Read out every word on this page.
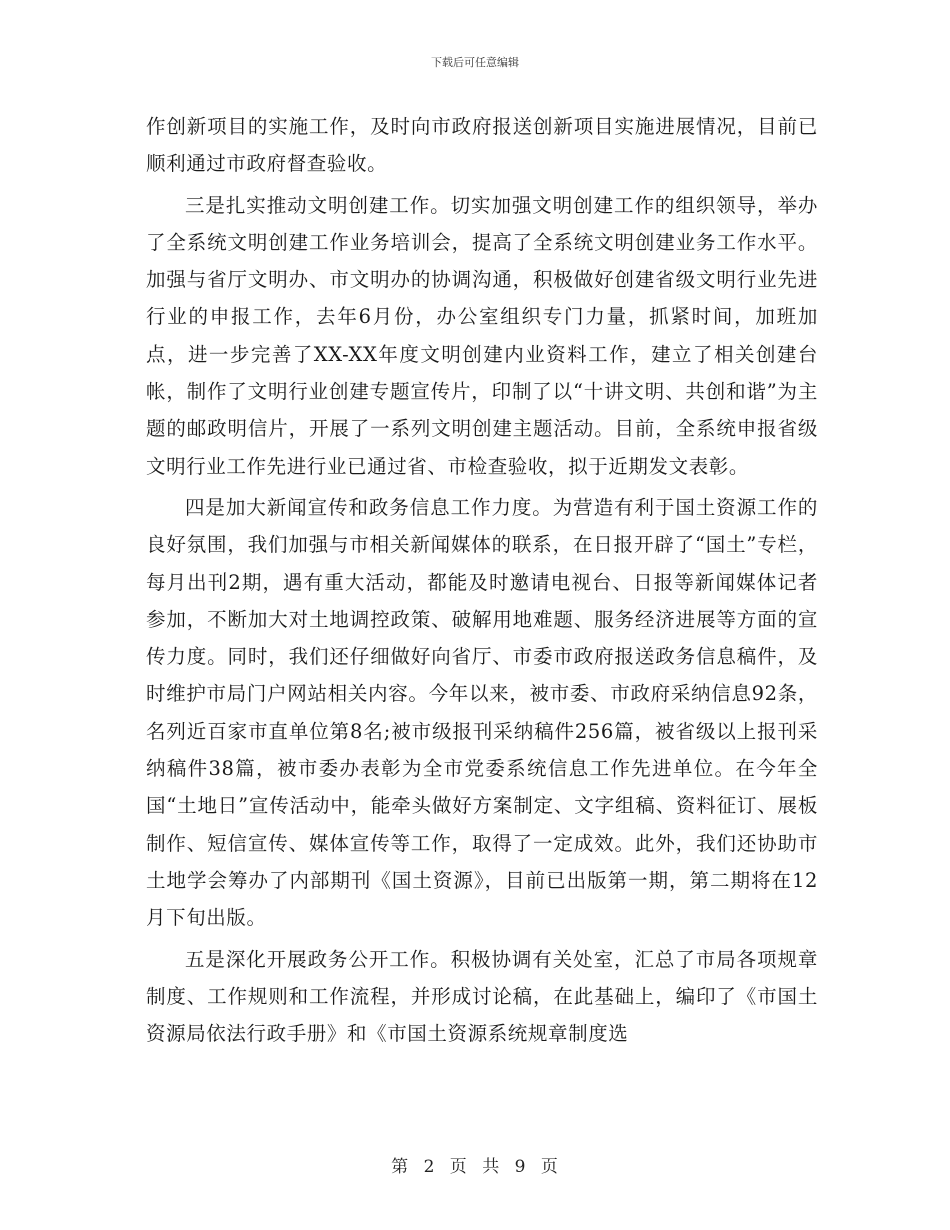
下载后可任意编辑

作创新项目的实施工作，及时向市政府报送创新项目实施进展情况，目前已顺利通过市政府督查验收。

三是扎实推动文明创建工作。切实加强文明创建工作的组织领导，举办了全系统文明创建工作业务培训会，提高了全系统文明创建业务工作水平。加强与省厅文明办、市文明办的协调沟通，积极做好创建省级文明行业先进行业的申报工作，去年6月份，办公室组织专门力量，抓紧时间，加班加点，进一步完善了XX-XX年度文明创建内业资料工作，建立了相关创建台帐，制作了文明行业创建专题宣传片，印制了以“十讲文明、共创和谐”为主题的邮政明信片，开展了一系列文明创建主题活动。目前，全系统申报省级文明行业工作先进行业已通过省、市检查验收，拟于近期发文表彰。

四是加大新闻宣传和政务信息工作力度。为营造有利于国土资源工作的良好氛围，我们加强与市相关新闻媒体的联系，在日报开辟了“国土”专栏，每月出刊2期，遇有重大活动，都能及时邀请电视台、日报等新闻媒体记者参加，不断加大对土地调控政策、破解用地难题、服务经济进展等方面的宣传力度。同时，我们还仔细做好向省厅、市委市政府报送政务信息稿件，及时维护市局门户网站相关内容。今年以来，被市委、市政府采纳信息92条，名列近百家市直单位第8名;被市级报刊采纳稿件256篇，被省级以上报刊采纳稿件38篇，被市委办表彰为全市党委系统信息工作先进单位。在今年全国“土地日”宣传活动中，能牵头做好方案制定、文字组稿、资料征订、展板制作、短信宣传、媒体宣传等工作，取得了一定成效。此外，我们还协助市土地学会筹办了内部期刊《国土资源》，目前已出版第一期，第二期将在12月下旬出版。

五是深化开展政务公开工作。积极协调有关处室，汇总了市局各项规章制度、工作规则和工作流程，并形成讨论稿，在此基础上，编印了《市国土资源局依法行政手册》和《市国土资源系统规章制度选

第 2 页 共 9 页
